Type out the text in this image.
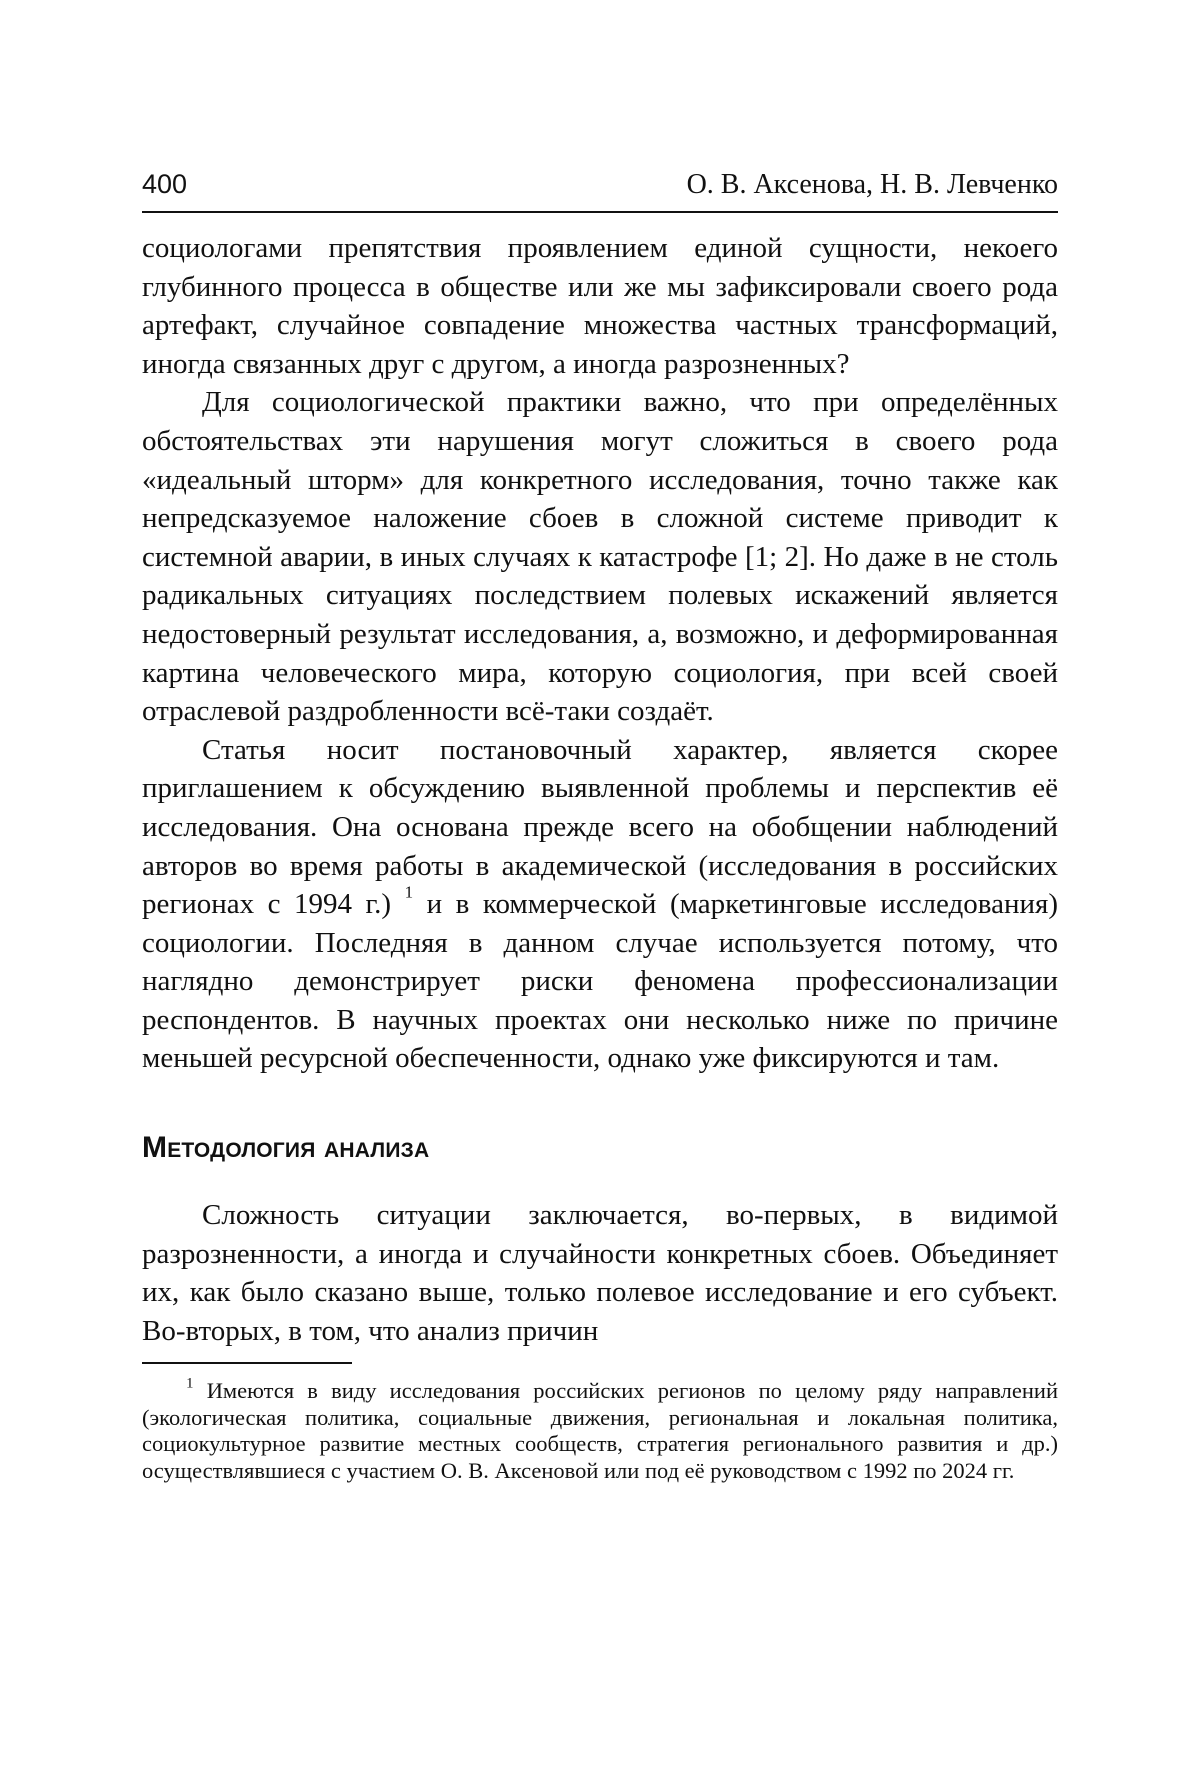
400	О. В. Аксенова, Н. В. Левченко

социологами препятствия проявлением единой сущности, некоего глубинного процесса в обществе или же мы зафиксировали своего рода артефакт, случайное совпадение множества частных трансформаций, иногда связанных друг с другом, а иногда разрозненных?

Для социологической практики важно, что при определённых обстоятельствах эти нарушения могут сложиться в своего рода «идеальный шторм» для конкретного исследования, точно также как непредсказуемое наложение сбоев в сложной системе приводит к системной аварии, в иных случаях к катастрофе [1; 2]. Но даже в не столь радикальных ситуациях последствием полевых искажений является недостоверный результат исследования, а, возможно, и деформированная картина человеческого мира, которую социология, при всей своей отраслевой раздробленности всё-таки создаёт.

Статья носит постановочный характер, является скорее приглашением к обсуждению выявленной проблемы и перспектив её исследования. Она основана прежде всего на обобщении наблюдений авторов во время работы в академической (исследования в российских регионах с 1994 г.) $^1$ и в коммерческой (маркетинговые исследования) социологии. Последняя в данном случае используется потому, что наглядно демонстрирует риски феномена профессионализации респондентов. В научных проектах они несколько ниже по причине меньшей ресурсной обеспеченности, однако уже фиксируются и там.

Методология анализа

Сложность ситуации заключается, во-первых, в видимой разрозненности, а иногда и случайности конкретных сбоев. Объединяет их, как было сказано выше, только полевое исследование и его субъект. Во-вторых, в том, что анализ причин

$^1$ Имеются в виду исследования российских регионов по целому ряду направлений (экологическая политика, социальные движения, региональная и локальная политика, социокультурное развитие местных сообществ, стратегия регионального развития и др.) осуществлявшиеся с участием О. В. Аксеновой или под её руководством с 1992 по 2024 гг.
